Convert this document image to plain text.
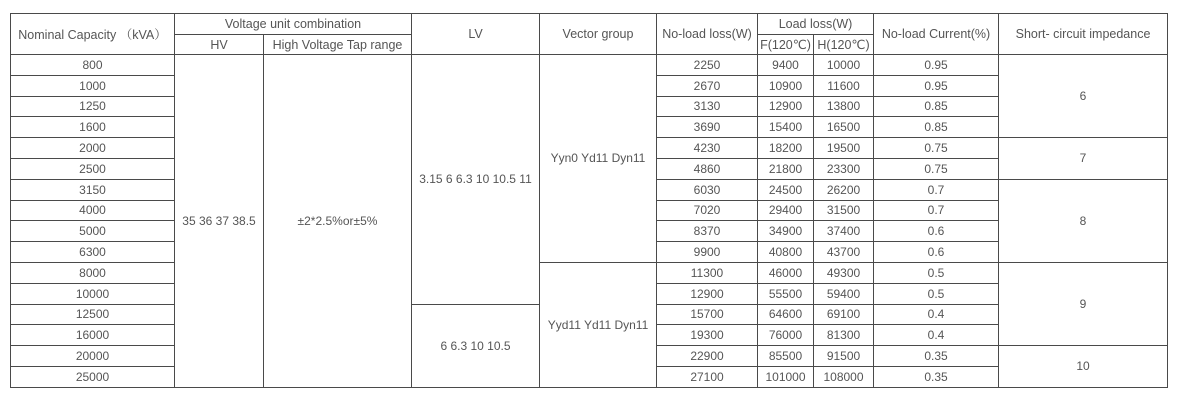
Nominal Capacity （kVA）	Voltage unit combination		LV	Vector group	No-load loss(W)	Load loss(W)		No-load Current(%)	Short- circuit impedance
	HV	High Voltage Tap range				F(120℃)	H(120℃)		
800	35 36 37 38.5	±2*2.5%or±5%	3.15 6 6.3 10 10.5 11	Yyn0 Yd11 Dyn11	2250	9400	10000	0.95	6
1000					2670	10900	11600	0.95	
1250					3130	12900	13800	0.85	
1600					3690	15400	16500	0.85	
2000					4230	18200	19500	0.75	7
2500					4860	21800	23300	0.75	
3150					6030	24500	26200	0.7	8
4000					7020	29400	31500	0.7	
5000					8370	34900	37400	0.6	
6300					9900	40800	43700	0.6	
8000				Yyd11 Yd11 Dyn11	11300	46000	49300	0.5	9
10000					12900	55500	59400	0.5	
12500			6 6.3 10 10.5		15700	64600	69100	0.4	
16000					19300	76000	81300	0.4	
20000					22900	85500	91500	0.35	10
25000					27100	101000	108000	0.35	
